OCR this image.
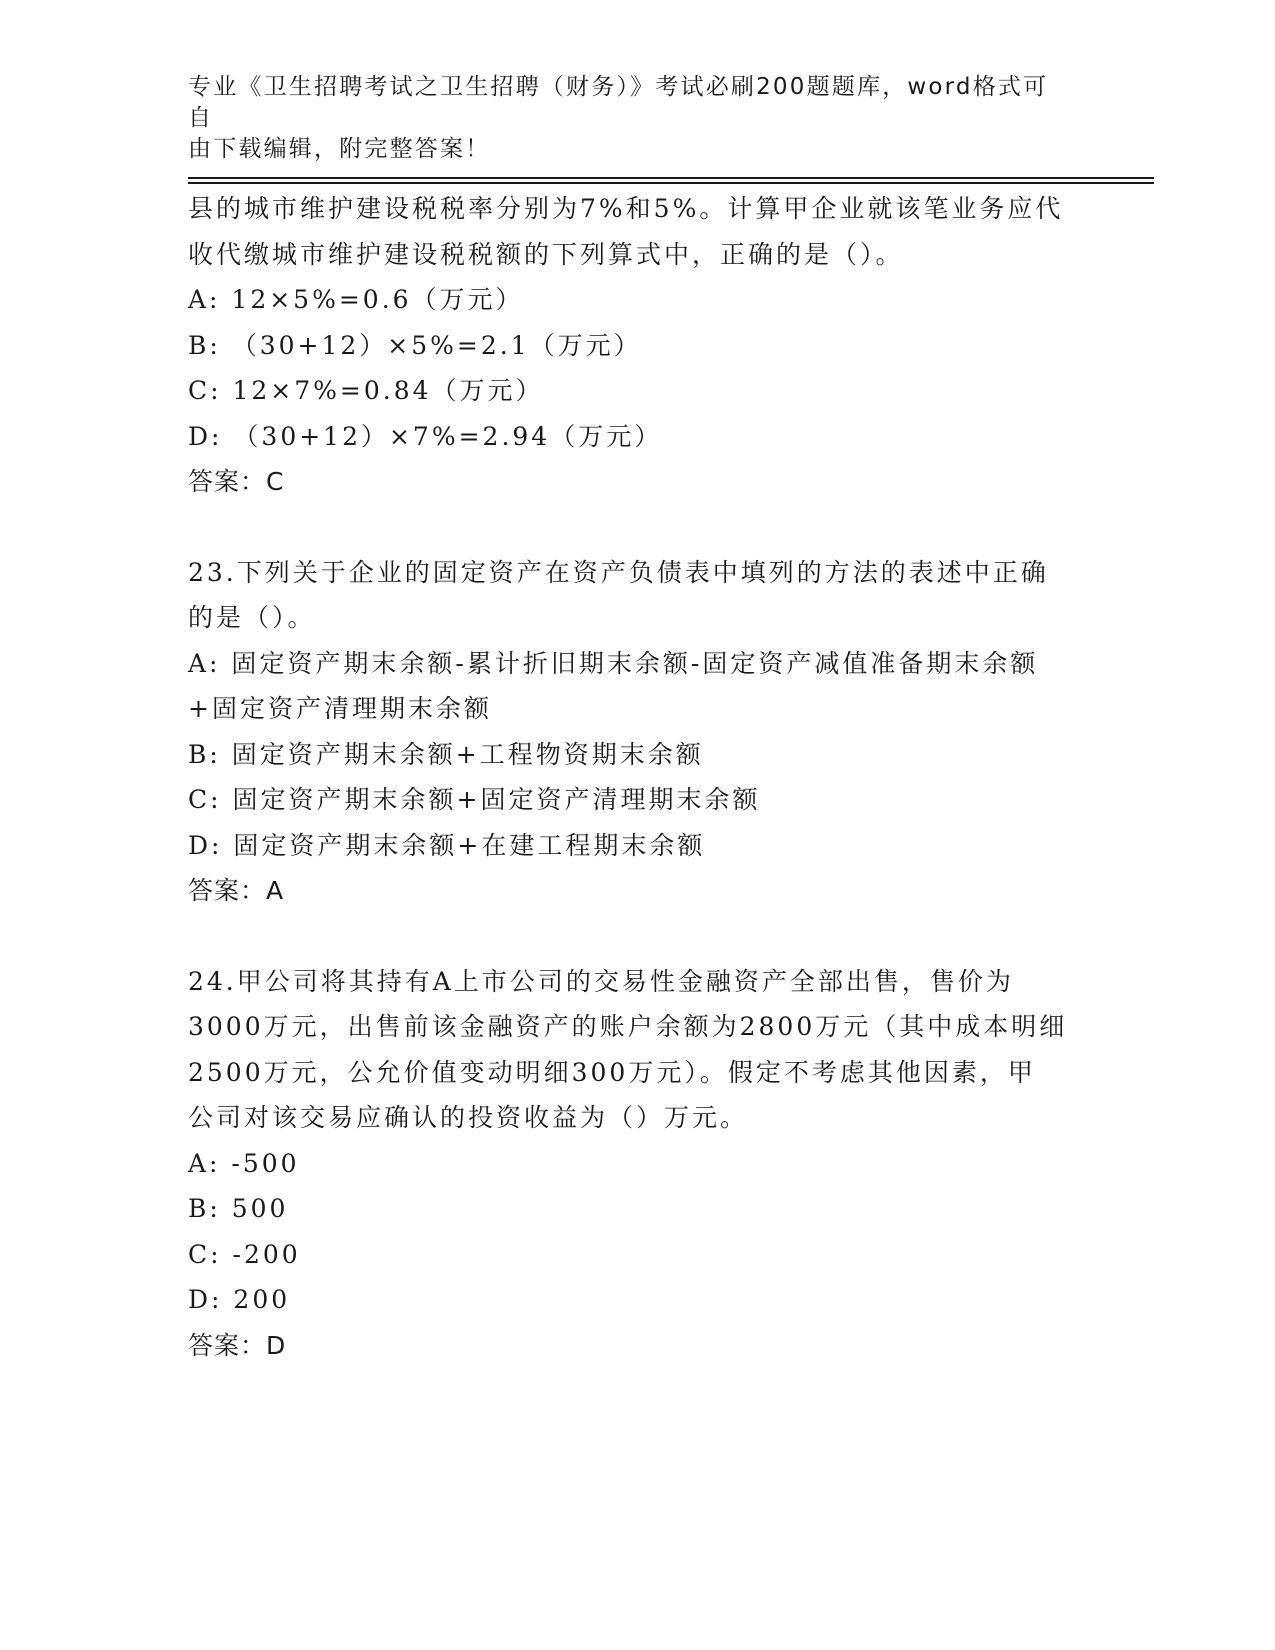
专业《卫生招聘考试之卫生招聘（财务）》考试必刷200题题库，word格式可自
由下载编辑，附完整答案！

县的城市维护建设税税率分别为7%和5%。计算甲企业就该笔业务应代

收代缴城市维护建设税税额的下列算式中，正确的是（）。

A: 12×5%=0.6（万元）

B: （30+12）×5%=2.1（万元）

C: 12×7%=0.84（万元）

D: （30+12）×7%=2.94（万元）

答案：C

23.下列关于企业的固定资产在资产负债表中填列的方法的表述中正确

的是（）。

A: 固定资产期末余额-累计折旧期末余额-固定资产减值准备期末余额

+固定资产清理期末余额

B: 固定资产期末余额+工程物资期末余额

C: 固定资产期末余额+固定资产清理期末余额

D: 固定资产期末余额+在建工程期末余额

答案：A

24.甲公司将其持有A上市公司的交易性金融资产全部出售，售价为

3000万元，出售前该金融资产的账户余额为2800万元（其中成本明细

2500万元，公允价值变动明细300万元）。假定不考虑其他因素，甲

公司对该交易应确认的投资收益为（）万元。

A: -500

B: 500

C: -200

D: 200

答案：D
